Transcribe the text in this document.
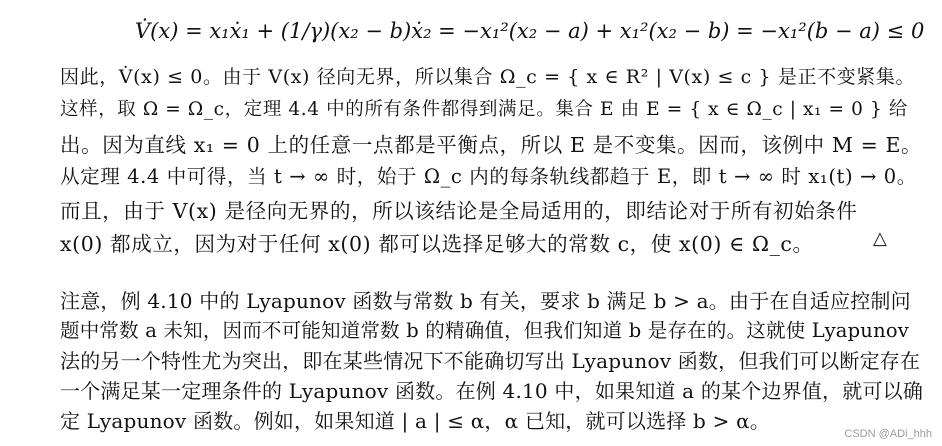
V̇(x) = x₁ẋ₁ + (1/γ)(x₂ − b)ẋ₂ = −x₁²(x₂ − a) + x₁²(x₂ − b) = −x₁²(b − a) ≤ 0
因此，V̇(x) ≤ 0。由于 V(x) 径向无界，所以集合 Ω_c = { x ∈ R² | V(x) ≤ c } 是正不变紧集。
这样，取 Ω = Ω_c，定理 4.4 中的所有条件都得到满足。集合 E 由 E = { x ∈ Ω_c | x₁ = 0 } 给
出。因为直线 x₁ = 0 上的任意一点都是平衡点，所以 E 是不变集。因而，该例中 M = E。
从定理 4.4 中可得，当 t → ∞ 时，始于 Ω_c 内的每条轨线都趋于 E，即 t → ∞ 时 x₁(t) → 0。
而且，由于 V(x) 是径向无界的，所以该结论是全局适用的，即结论对于所有初始条件
x(0) 都成立，因为对于任何 x(0) 都可以选择足够大的常数 c，使 x(0) ∈ Ω_c。	△
注意，例 4.10 中的 Lyapunov 函数与常数 b 有关，要求 b 满足 b > a。由于在自适应控制问
题中常数 a 未知，因而不可能知道常数 b 的精确值，但我们知道 b 是存在的。这就使 Lyapunov
法的另一个特性尤为突出，即在某些情况下不能确切写出 Lyapunov 函数，但我们可以断定存在
一个满足某一定理条件的 Lyapunov 函数。在例 4.10 中，如果知道 a 的某个边界值，就可以确
定 Lyapunov 函数。例如，如果知道 | a | ≤ α，α 已知，就可以选择 b > α。
CSDN @ADi_hhh
